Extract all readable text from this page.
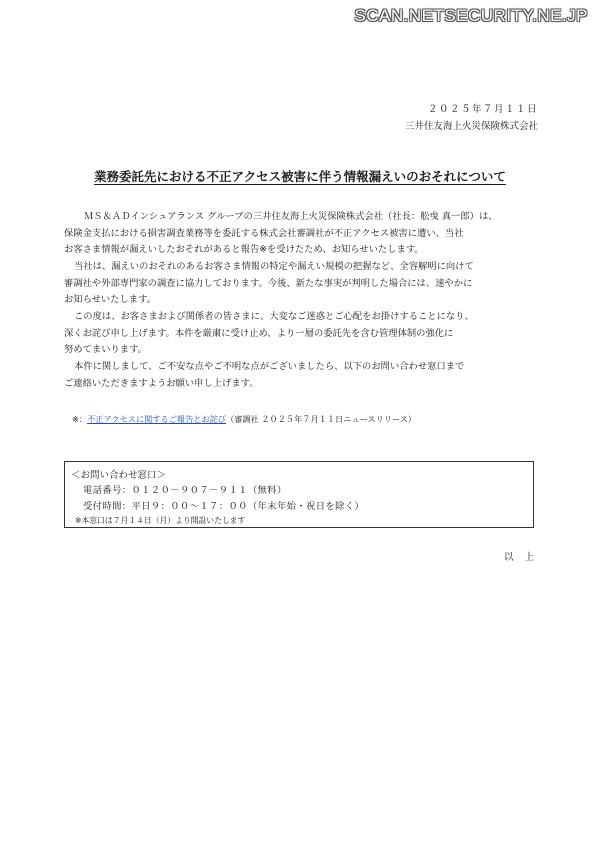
SCAN.NETSECURITY.NE.JP
２０２５年７月１１日
三井住友海上火災保険株式会社
業務委託先における不正アクセス被害に伴う情報漏えいのおそれについて

ＭＳ＆ＡＤインシュアランス グループの三井住友海上火災保険株式会社（社長：舩曵 真一郎）は、
保険金支払における損害調査業務等を委託する株式会社審調社が不正アクセス被害に遭い、当社
お客さま情報が漏えいしたおそれがあると報告※を受けたため、お知らせいたします。

当社は、漏えいのおそれのあるお客さま情報の特定や漏えい規模の把握など、全容解明に向けて
審調社や外部専門家の調査に協力しております。今後、新たな事実が判明した場合には、速やかに
お知らせいたします。

この度は、お客さまおよび関係者の皆さまに、大変なご迷惑とご心配をお掛けすることになり、
深くお詫び申し上げます。本件を厳粛に受け止め、より一層の委託先を含む管理体制の強化に
努めてまいります。

本件に関しまして、ご不安な点やご不明な点がございましたら、以下のお問い合わせ窓口まで
ご連絡いただきますようお願い申し上げます。

※：不正アクセスに関するご報告とお詫び（審調社 ２０２５年７月１１日ニュースリリース）
＜お問い合わせ窓口＞
電話番号：０１２０－９０７－９１１（無料）
受付時間：平日９：００～１７：００（年末年始・祝日を除く）
※本窓口は７月１４日（月）より開設いたします
以 上
